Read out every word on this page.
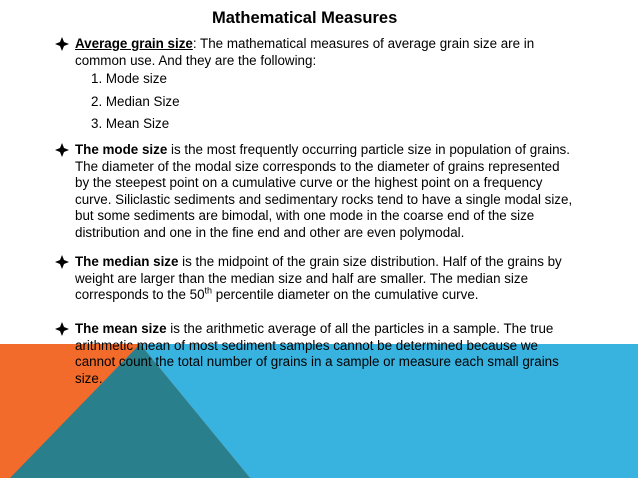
Mathematical Measures
Average grain size: The mathematical measures of average grain size are in common use. And they are the following:
1. Mode size
2. Median Size
3. Mean Size
The mode size is the most frequently occurring particle size in population of grains. The diameter of the modal size corresponds to the diameter of grains represented by the steepest point on a cumulative curve or the highest point on a frequency curve. Siliclastic sediments and sedimentary rocks tend to have a single modal size, but some sediments are bimodal, with one mode in the coarse end of the size distribution and one in the fine end and other are even polymodal.
The median size is the midpoint of the grain size distribution. Half of the grains by weight are larger than the median size and half are smaller. The median size corresponds to the 50th percentile diameter on the cumulative curve.
The mean size is the arithmetic average of all the particles in a sample. The true arithmetic mean of most sediment samples cannot be determined because we cannot count the total number of grains in a sample or measure each small grains size.
